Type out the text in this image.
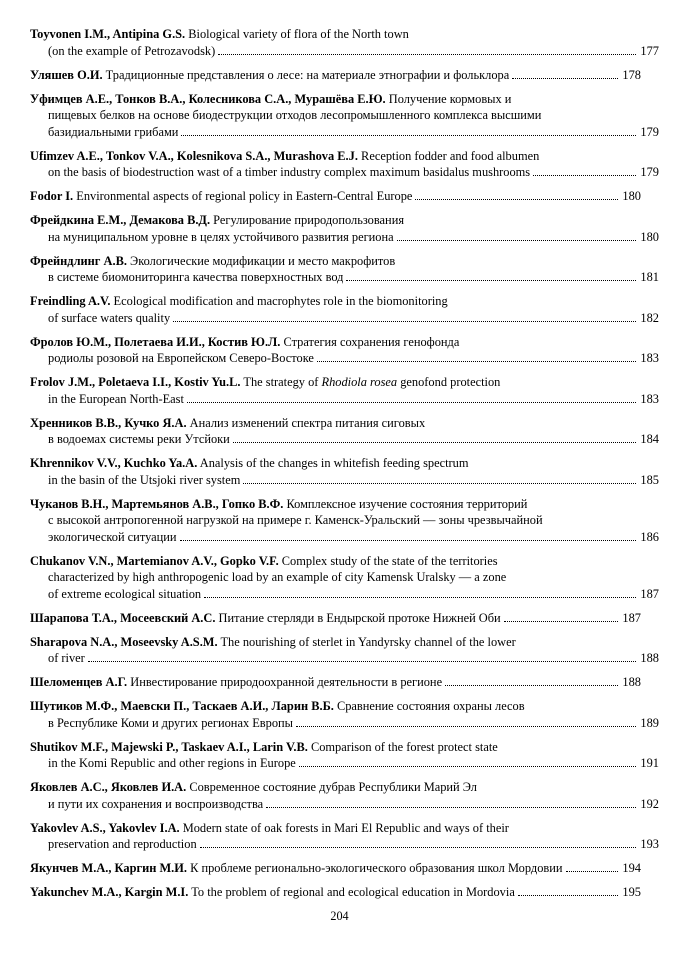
Toyvonen I.M., Antipina G.S. Biological variety of flora of the North town
(on the example of Petrozavodsk)	177
Уляшев О.И. Традиционные представления о лесе: на материале этнографии и фольклора	178
Уфимцев А.Е., Тонков В.А., Колесникова С.А., Мурашёва Е.Ю. Получение кормовых и
пищевых белков на основе биодеструкции отходов лесопромышленного комплекса высшими
базидиальными грибами	179
Ufimzev A.E., Tonkov V.A., Kolesnikova S.A., Murashova E.J. Reception fodder and food albumen
on the basis of biodestruction wast of a timber industry complex maximum basidalus mushrooms	179
Fodor I. Environmental aspects of regional policy in Eastern-Central Europe	180
Фрейдкина Е.М., Демакова В.Д. Регулирование природопользования
на муниципальном уровне в целях устойчивого развития региона	180
Фрейндлинг А.В. Экологические модификации и место макрофитов
в системе биомониторинга качества поверхностных вод	181
Freindling A.V. Ecological modification and macrophytes role in the biomonitoring
of surface waters quality	182
Фролов Ю.М., Полетаева И.И., Костив Ю.Л. Стратегия сохранения генофонда
родиолы розовой на Европейском Северо-Востоке	183
Frolov J.M., Poletaeva I.I., Kostiv Yu.L. The strategy of Rhodiola rosea genofond protection
in the European North-East	183
Хренников В.В., Кучко Я.А. Анализ изменений спектра питания сиговых
в водоемах системы реки Утсйоки	184
Khrennikov V.V., Kuchko Ya.A. Analysis of the changes in whitefish feeding spectrum
in the basin of the Utsjoki river system	185
Чуканов В.Н., Мартемьянов А.В., Гопко В.Ф. Комплексное изучение состояния территорий
с высокой антропогенной нагрузкой на примере г. Каменск-Уральский — зоны чрезвычайной
экологической ситуации	186
Chukanov V.N., Martemianov A.V., Gopko V.F. Complex study of the state of the territories
characterized by high anthropogenic load by an example of city Kamensk Uralsky — a zone
of extreme ecological situation	187
Шарапова Т.А., Мосеевский А.С. Питание стерляди в Ендырской протоке Нижней Оби	187
Sharapova N.A., Moseevsky A.S.M. The nourishing of sterlet in Yandyrsky channel of the lower
of river	188
Шеломенцев А.Г. Инвестирование природоохранной деятельности в регионе	188
Шутиков М.Ф., Маевски П., Таскаев А.И., Ларин В.Б. Сравнение состояния охраны лесов
в Республике Коми и других регионах Европы	189
Shutikov M.F., Majewski P., Taskaev A.I., Larin V.B. Comparison of the forest protect state
in the Komi Republic and other regions in Europe	191
Яковлев А.С., Яковлев И.А. Современное состояние дубрав Республики Марий Эл
и пути их сохранения и воспроизводства	192
Yakovlev A.S., Yakovlev I.A. Modern state of oak forests in Mari El Republic and ways of their
preservation and reproduction	193
Якунчев М.А., Каргин М.И. К проблеме регионально-экологического образования школ Мордовии	194
Yakunchev M.A., Kargin M.I. To the problem of regional and ecological education in Mordovia	195
204
